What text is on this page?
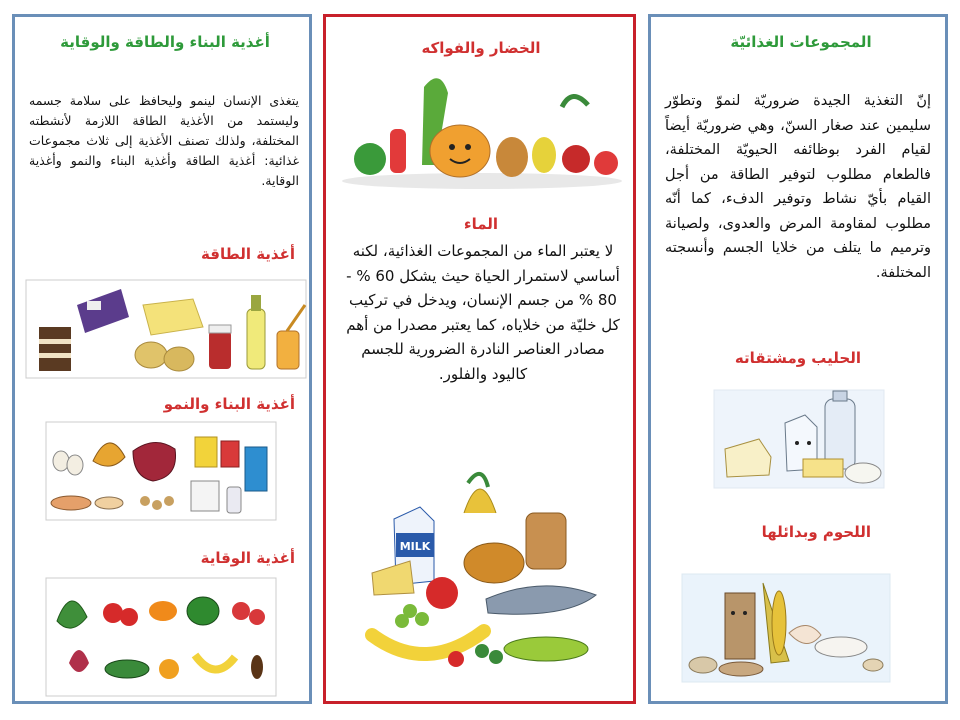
أغذية البناء والطاقة والوقاية
يتغذى الإنسان لينمو وليحافظ على سلامة جسمه وليستمد من الأغذية الطاقة اللازمة لأنشطته المختلفة، ولذلك تصنف الأغذية إلى ثلاث مجموعات غذائية: أغذية الطاقة وأغذية البناء والنمو وأغذية الوقاية.
أغذية الطاقة
أغذية البناء والنمو
أغذية الوقاية
الخضار والفواكه
الماء
لا يعتبر الماء من المجموعات الغذائية، لكنه أساسي لاستمرار الحياة حيث يشكل 60 % - 80 % من جسم الإنسان، ويدخل في تركيب كل خليّة من خلاياه، كما يعتبر مصدرا من أهم مصادر العناصر النادرة الضرورية للجسم كاليود والفلور.
MILK
المجموعات الغذائيّة
إنّ التغذية الجيدة ضروريّة لنموّ وتطوّر سليمين عند صغار السنّ، وهي ضروريّة أيضاً لقيام الفرد بوظائفه الحيويّة المختلفة، فالطعام مطلوب لتوفير الطاقة من أجل القيام بأيّ نشاط وتوفير الدفء، كما أنّه مطلوب لمقاومة المرض والعدوى، ولصيانة وترميم ما يتلف من خلايا الجسم وأنسجته المختلفة.
الحليب ومشتقاته
اللحوم وبدائلها
